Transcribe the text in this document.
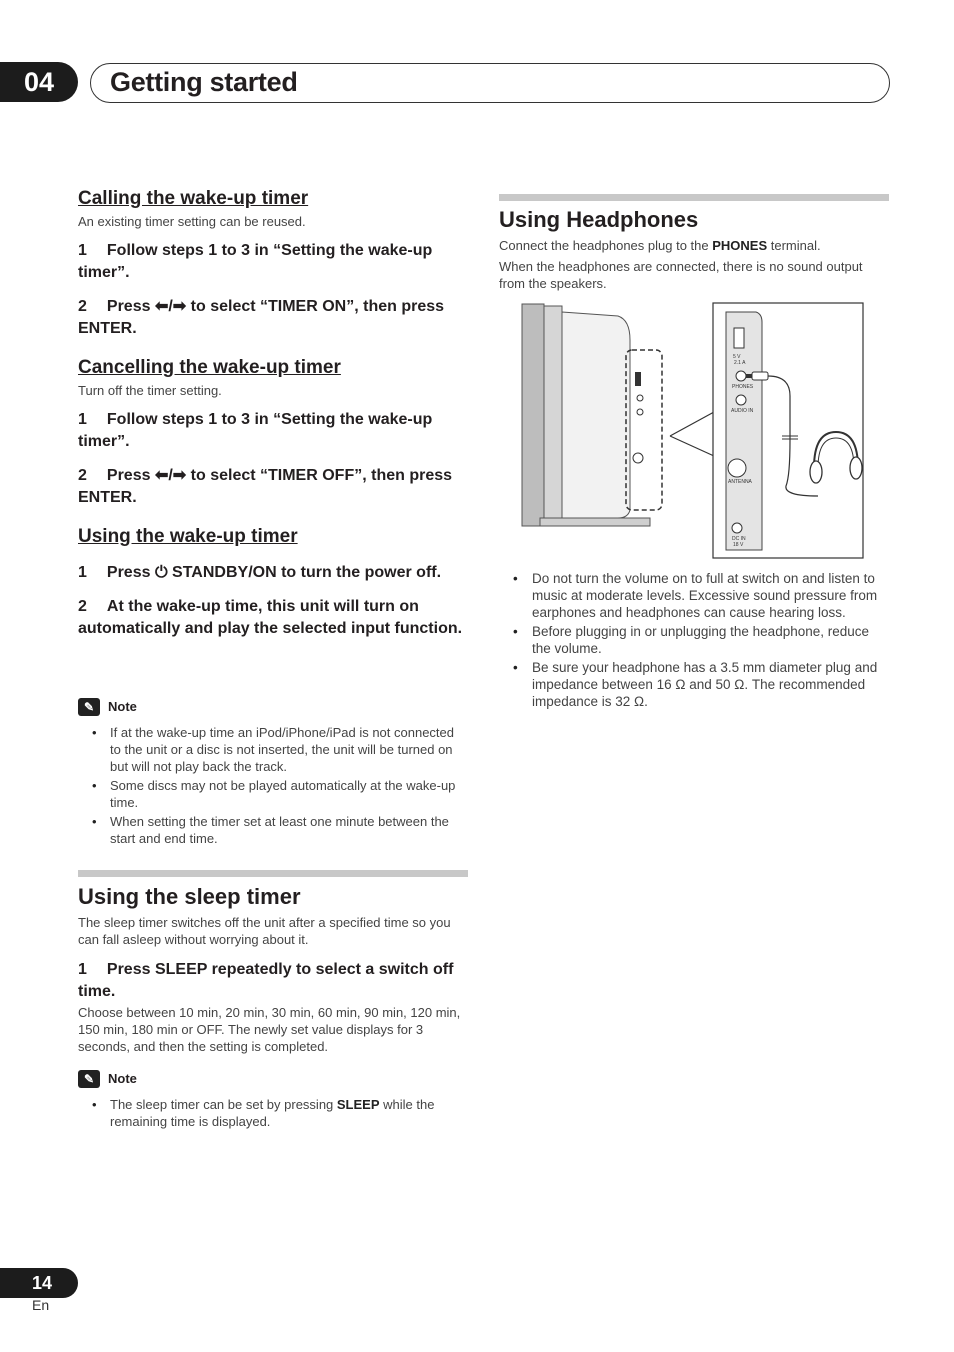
04	Getting started

Calling the wake-up timer

An existing timer setting can be reused.

1 Follow steps 1 to 3 in “Setting the wake-up timer”.

2 Press ⬅/➡ to select “TIMER ON”, then press ENTER.

Cancelling the wake-up timer

Turn off the timer setting.

1 Follow steps 1 to 3 in “Setting the wake-up timer”.

2 Press ⬅/➡ to select “TIMER OFF”, then press ENTER.

Using the wake-up timer

1 Press ⏻ STANDBY/ON to turn the power off.

2 At the wake-up time, this unit will turn on automatically and play the selected input function.

✎	Note
• If at the wake-up time an iPod/iPhone/iPad is not connected to the unit or a disc is not inserted, the unit will be turned on but will not play back the track.
• Some discs may not be played automatically at the wake-up time.
• When setting the timer set at least one minute between the start and end time.

Using the sleep timer

The sleep timer switches off the unit after a specified time so you can fall asleep without worrying about it.

1 Press SLEEP repeatedly to select a switch off time.

Choose between 10 min, 20 min, 30 min, 60 min, 90 min, 120 min, 150 min, 180 min or OFF. The newly set value displays for 3 seconds, and then the setting is completed.

✎	Note
• The sleep timer can be set by pressing SLEEP while the remaining time is displayed.

Using Headphones

Connect the headphones plug to the PHONES terminal.

When the headphones are connected, there is no sound output from the speakers.

5 V
2.1 A
PHONES
AUDIO IN
ANTENNA
DC IN
18 V
• Do not turn the volume on to full at switch on and listen to music at moderate levels. Excessive sound pressure from earphones and headphones can cause hearing loss.
• Before plugging in or unplugging the headphone, reduce the volume.
• Be sure your headphone has a 3.5 mm diameter plug and impedance between 16 Ω and 50 Ω. The recommended impedance is 32 Ω.
14
En
